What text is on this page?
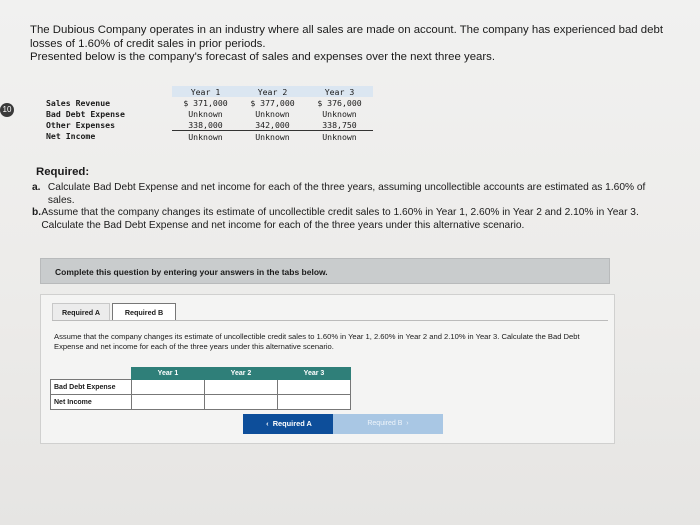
The Dubious Company operates in an industry where all sales are made on account. The company has experienced bad debt
losses of 1.60% of credit sales in prior periods.
Presented below is the company's forecast of sales and expenses over the next three years.
10
	Year 1	Year 2	Year 3
Sales Revenue	$ 371,000	$ 377,000	$ 376,000
Bad Debt Expense	Unknown	Unknown	Unknown
Other Expenses	338,000	342,000	338,750
Net Income	Unknown	Unknown	Unknown
Required:
a. Calculate Bad Debt Expense and net income for each of the three years, assuming uncollectible accounts are estimated as 1.60% of sales.
b. Assume that the company changes its estimate of uncollectible credit sales to 1.60% in Year 1, 2.60% in Year 2 and 2.10% in Year 3. Calculate the Bad Debt Expense and net income for each of the three years under this alternative scenario.
Complete this question by entering your answers in the tabs below.
Required A	Required B
Assume that the company changes its estimate of uncollectible credit sales to 1.60% in Year 1, 2.60% in Year 2 and 2.10% in Year 3. Calculate the Bad Debt Expense and net income for each of the three years under this alternative scenario.
	Year 1	Year 2	Year 3
Bad Debt Expense			
Net Income			
‹ Required A	Required B ›
